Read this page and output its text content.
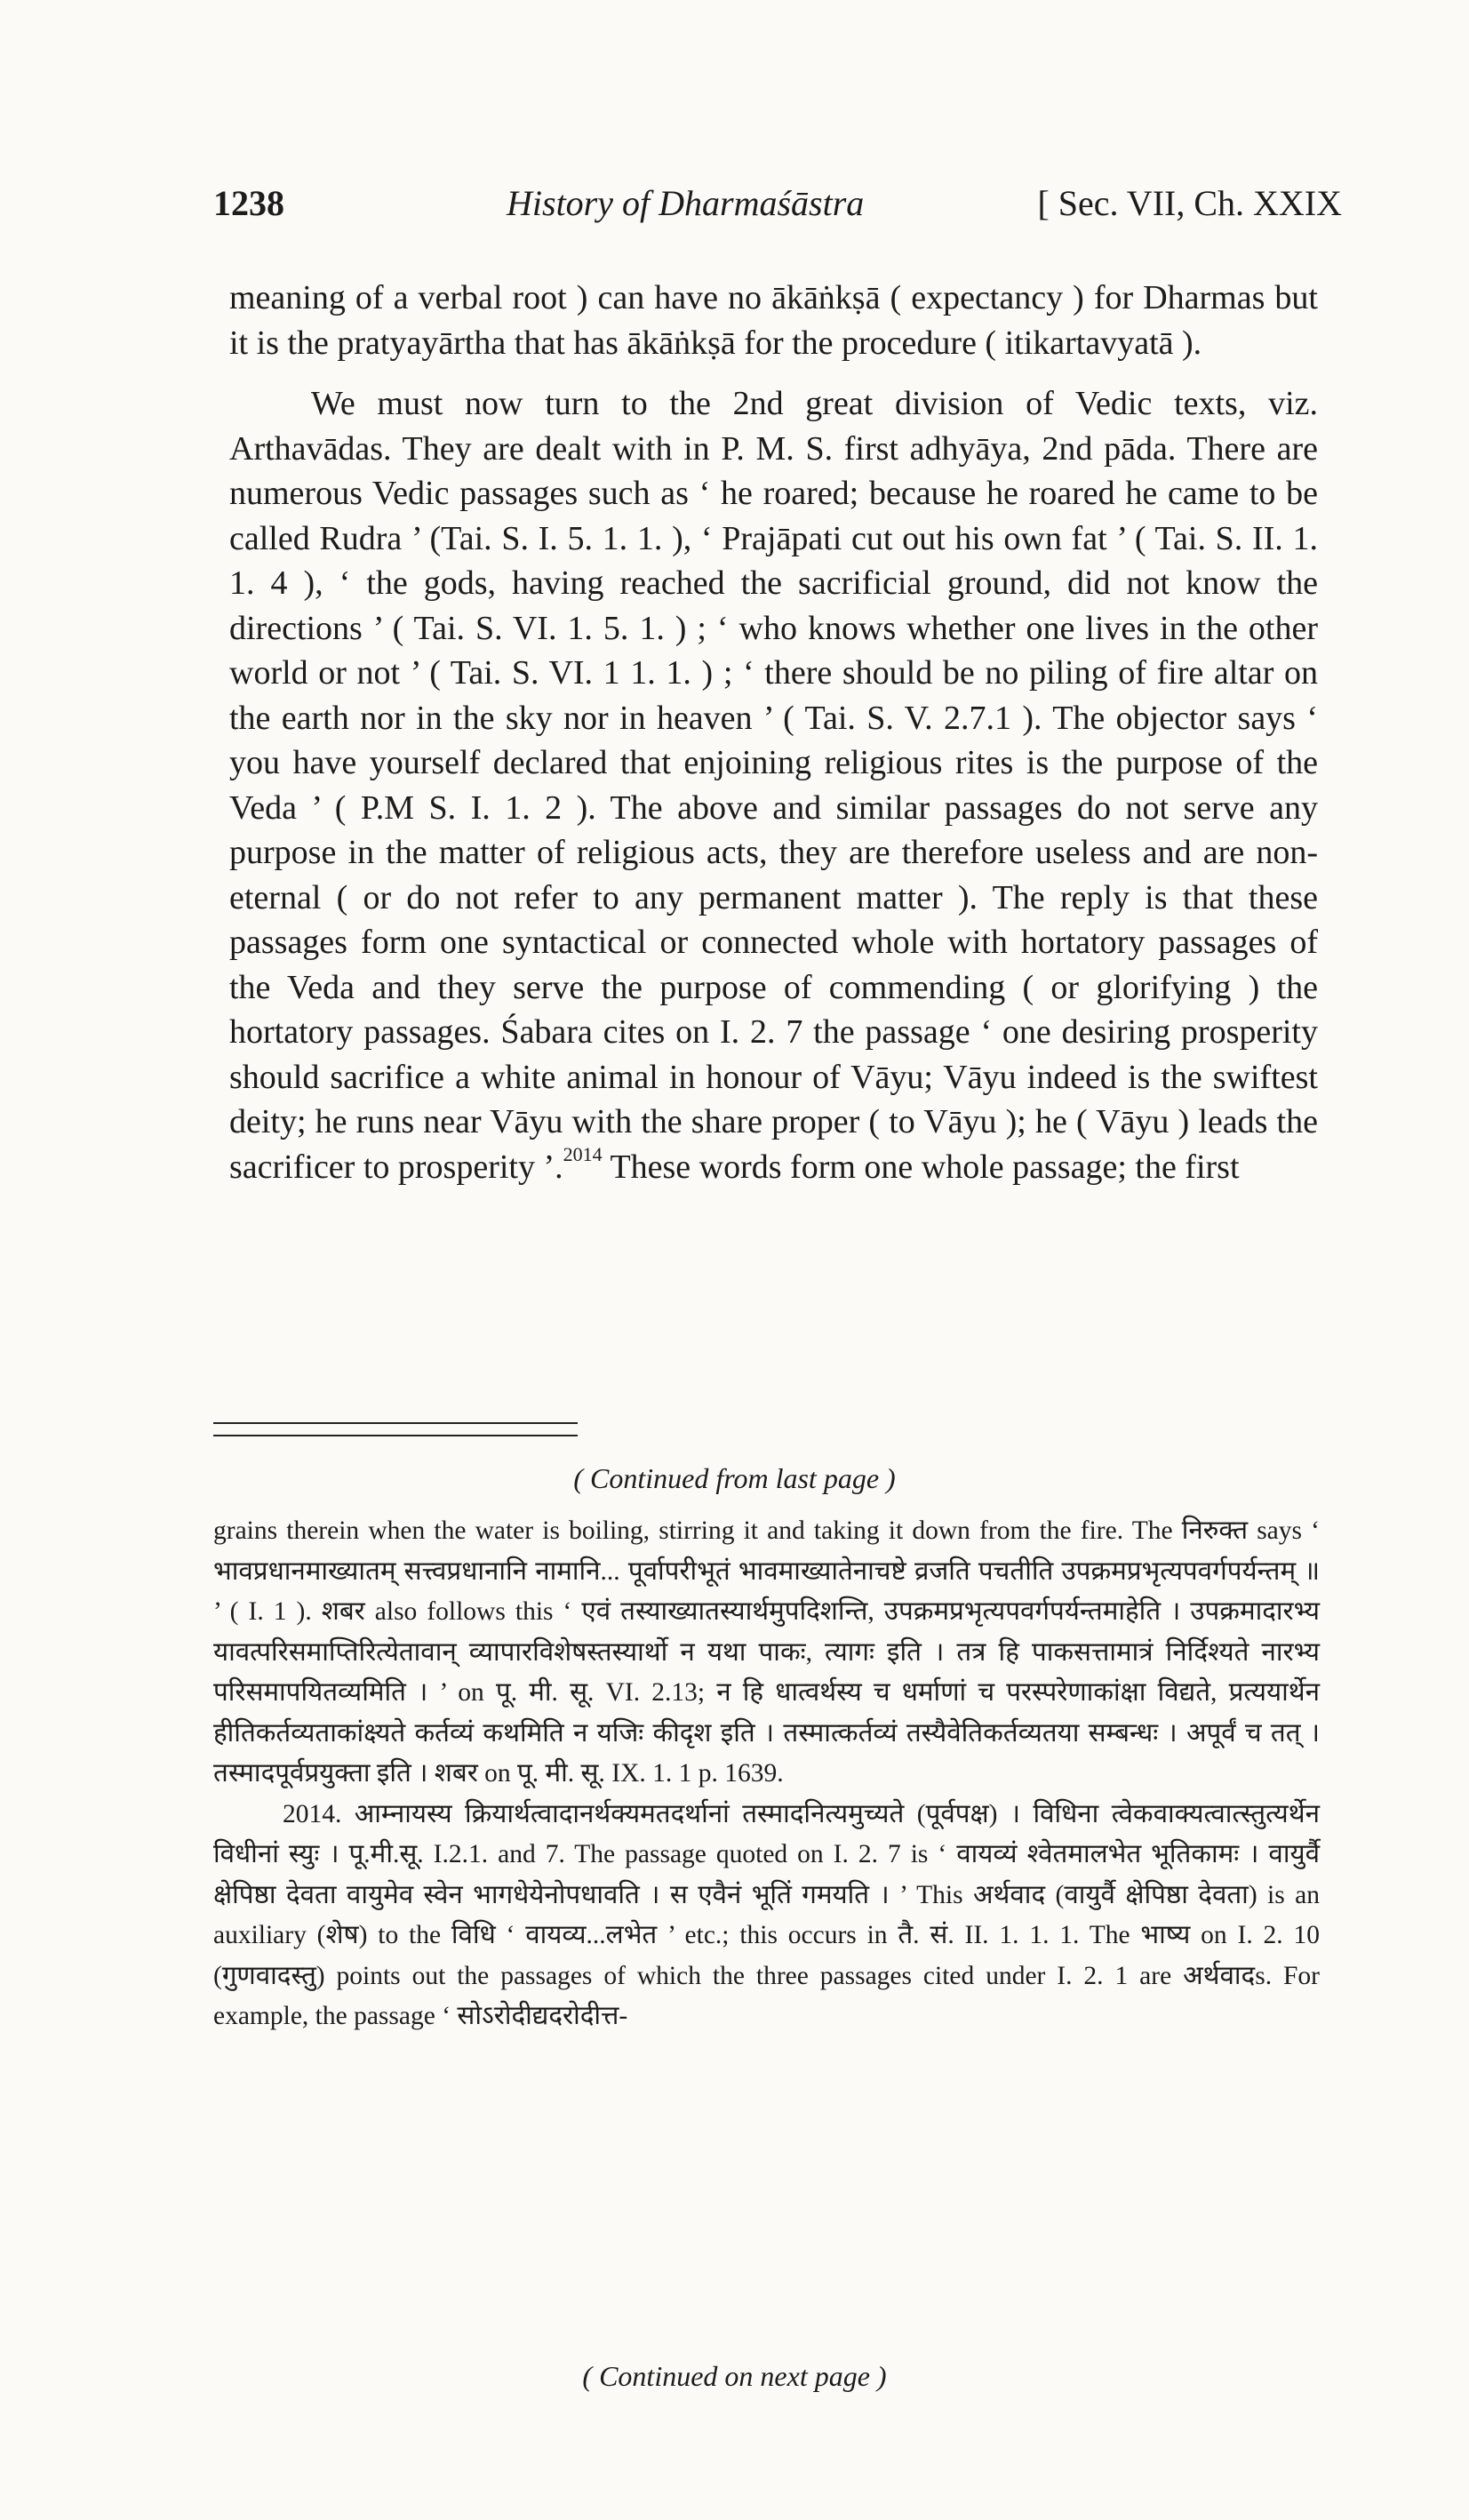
1238	History of Dharmaśāstra	[ Sec. VII, Ch. XXIX

meaning of a verbal root ) can have no ākāṅkṣā ( expectancy ) for Dharmas but it is the pratyayārtha that has ākāṅkṣā for the procedure ( itikartavyatā ).

We must now turn to the 2nd great division of Vedic texts, viz. Arthavādas. They are dealt with in P. M. S. first adhyāya, 2nd pāda. There are numerous Vedic passages such as ‘ he roared; because he roared he came to be called Rudra ’ (Tai. S. I. 5. 1. 1. ), ‘ Prajāpati cut out his own fat ’ ( Tai. S. II. 1. 1. 4 ), ‘ the gods, having reached the sacrificial ground, did not know the directions ’ ( Tai. S. VI. 1. 5. 1. ) ; ‘ who knows whether one lives in the other world or not ’ ( Tai. S. VI. 1 1. 1. ) ; ‘ there should be no piling of fire altar on the earth nor in the sky nor in heaven ’ ( Tai. S. V. 2.7.1 ). The objector says ‘ you have yourself declared that enjoining religious rites is the purpose of the Veda ’ ( P.M S. I. 1. 2 ). The above and similar passages do not serve any purpose in the matter of religious acts, they are therefore useless and are non-eternal ( or do not refer to any permanent matter ). The reply is that these passages form one syntactical or connected whole with hortatory passages of the Veda and they serve the purpose of commending ( or glorifying ) the hortatory passages. Śabara cites on I. 2. 7 the passage ‘ one desiring prosperity should sacrifice a white animal in honour of Vāyu; Vāyu indeed is the swiftest deity; he runs near Vāyu with the share proper ( to Vāyu ); he ( Vāyu ) leads the sacrificer to prosperity ’.$^{2014}$ These words form one whole passage; the first

( Continued from last page )

grains therein when the water is boiling, stirring it and taking it down from the fire. The निरुक्त says ‘ भावप्रधानमाख्यातम् सत्त्वप्रधानानि नामानि... पूर्वापरीभूतं भावमाख्यातेनाचष्टे व्रजति पचतीति उपक्रमप्रभृत्यपवर्गपर्यन्तम् ॥ ’ ( I. 1 ). शबर also follows this ‘ एवं तस्याख्यातस्यार्थमुपदिशन्ति, उपक्रमप्रभृत्यपवर्गपर्यन्तमाहेति । उपक्रमादारभ्य यावत्परिसमाप्तिरित्येतावान् व्यापारविशेषस्तस्यार्थो न यथा पाकः, त्यागः इति । तत्र हि पाकसत्तामात्रं निर्दिश्यते नारभ्य परिसमापयितव्यमिति । ’ on पू. मी. सू. VI. 2.13; न हि धात्वर्थस्य च धर्माणां च परस्परेणाकांक्षा विद्यते, प्रत्ययार्थेन हीतिकर्तव्यताकांक्ष्यते कर्तव्यं कथमिति न यजिः कीदृश इति । तस्मात्कर्तव्यं तस्यैवेतिकर्तव्यतया सम्बन्धः । अपूर्वं च तत् । तस्मादपूर्वप्रयुक्ता इति । शबर on पू. मी. सू. IX. 1. 1 p. 1639.

2014. आम्नायस्य क्रियार्थत्वादानर्थक्यमतदर्थानां तस्मादनित्यमुच्यते (पूर्वपक्ष) । विधिना त्वेकवाक्यत्वात्स्तुत्यर्थेन विधीनां स्युः । पू.मी.सू. I.2.1. and 7. The passage quoted on I. 2. 7 is ‘ वायव्यं श्वेतमालभेत भूतिकामः । वायुर्वै क्षेपिष्ठा देवता वायुमेव स्वेन भागधेयेनोपधावति । स एवैनं भूतिं गमयति । ’ This अर्थवाद (वायुर्वै क्षेपिष्ठा देवता) is an auxiliary (शेष) to the विधि ‘ वायव्य...लभेत ’ etc.; this occurs in तै. सं. II. 1. 1. 1. The भाष्य on I. 2. 10 (गुणवादस्तु) points out the passages of which the three passages cited under I. 2. 1 are अर्थवादs. For example, the passage ‘ सोऽरोदीद्यदरोदीत्त-

( Continued on next page )
